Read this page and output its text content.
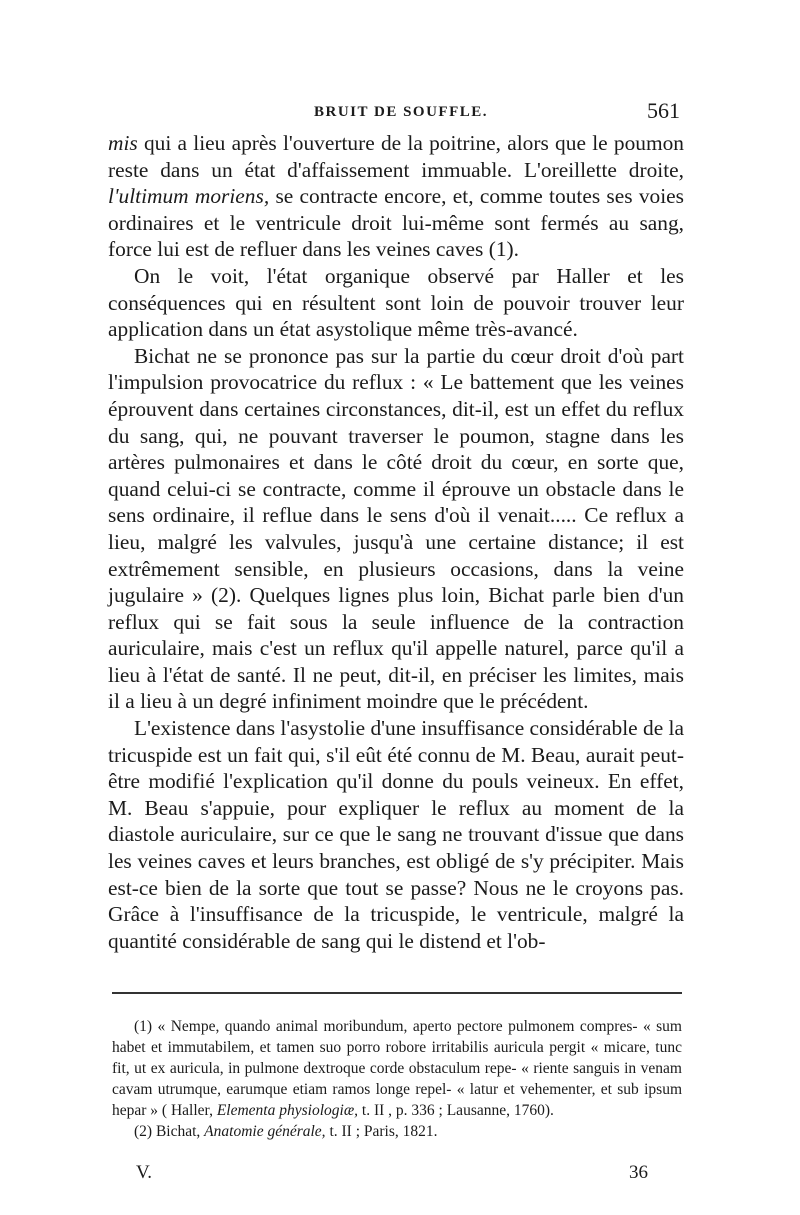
BRUIT DE SOUFFLE.	561

mis qui a lieu après l'ouverture de la poitrine, alors que le poumon reste dans un état d'affaissement immuable. L'oreillette droite, l'ultimum moriens, se contracte encore, et, comme toutes ses voies ordinaires et le ventricule droit lui-même sont fermés au sang, force lui est de refluer dans les veines caves (1).

On le voit, l'état organique observé par Haller et les conséquences qui en résultent sont loin de pouvoir trouver leur application dans un état asystolique même très-avancé.

Bichat ne se prononce pas sur la partie du cœur droit d'où part l'impulsion provocatrice du reflux : « Le battement que les veines éprouvent dans certaines circonstances, dit-il, est un effet du reflux du sang, qui, ne pouvant traverser le poumon, stagne dans les artères pulmonaires et dans le côté droit du cœur, en sorte que, quand celui-ci se contracte, comme il éprouve un obstacle dans le sens ordinaire, il reflue dans le sens d'où il venait..... Ce reflux a lieu, malgré les valvules, jusqu'à une certaine distance; il est extrêmement sensible, en plusieurs occasions, dans la veine jugulaire » (2). Quelques lignes plus loin, Bichat parle bien d'un reflux qui se fait sous la seule influence de la contraction auriculaire, mais c'est un reflux qu'il appelle naturel, parce qu'il a lieu à l'état de santé. Il ne peut, dit-il, en préciser les limites, mais il a lieu à un degré infiniment moindre que le précédent.

L'existence dans l'asystolie d'une insuffisance considérable de la tricuspide est un fait qui, s'il eût été connu de M. Beau, aurait peut-être modifié l'explication qu'il donne du pouls veineux. En effet, M. Beau s'appuie, pour expliquer le reflux au moment de la diastole auriculaire, sur ce que le sang ne trouvant d'issue que dans les veines caves et leurs branches, est obligé de s'y précipiter. Mais est-ce bien de la sorte que tout se passe? Nous ne le croyons pas. Grâce à l'insuffisance de la tricuspide, le ventricule, malgré la quantité considérable de sang qui le distend et l'ob-

(1) « Nempe, quando animal moribundum, aperto pectore pulmonem compres- « sum habet et immutabilem, et tamen suo porro robore irritabilis auricula pergit « micare, tunc fit, ut ex auricula, in pulmone dextroque corde obstaculum repe- « riente sanguis in venam cavam utrumque, earumque etiam ramos longe repel- « latur et vehementer, et sub ipsum hepar » ( Haller, Elementa physiologiæ, t. II , p. 336 ; Lausanne, 1760).

(2) Bichat, Anatomie générale, t. II ; Paris, 1821.

V.	36
